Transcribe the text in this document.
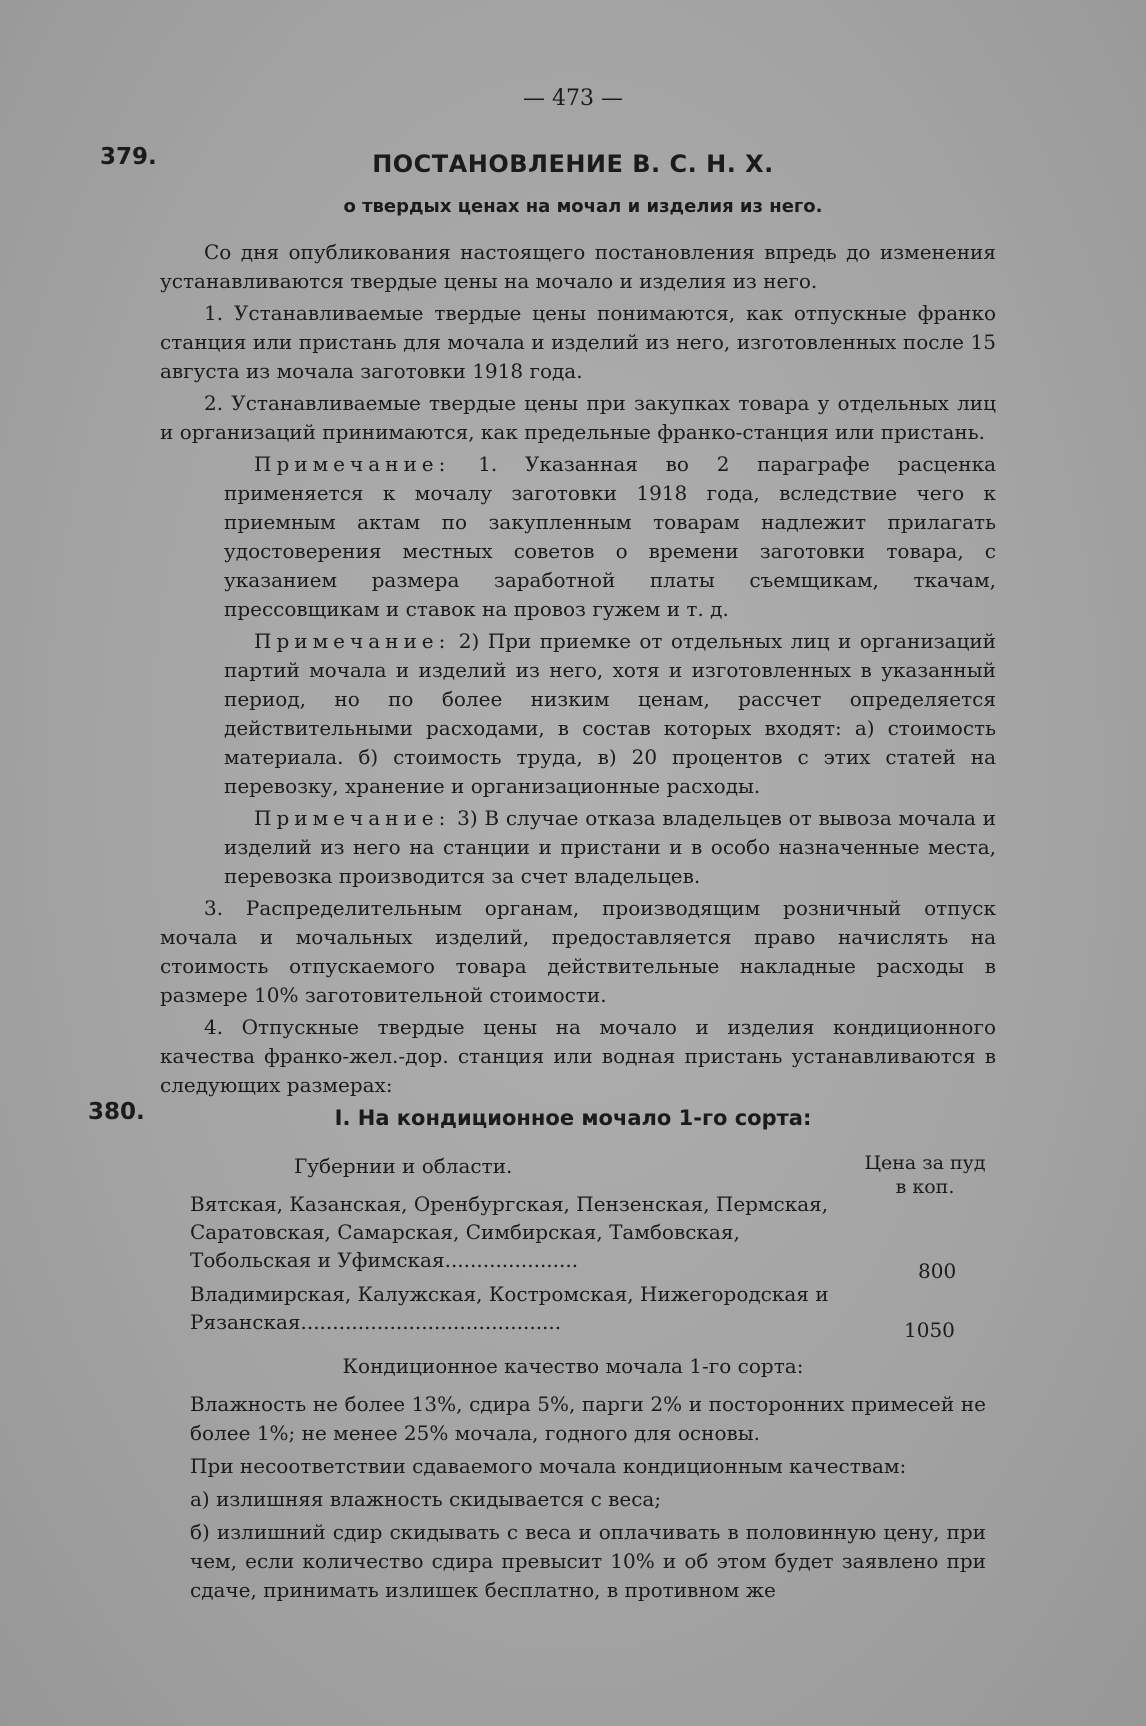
— 473 —
379.	ПОСТАНОВЛЕНИЕ В. С. Н. Х.
о твердых ценах на мочал и изделия из него.

Со дня опубликования настоящего постановления впредь до изменения устанавливаются твердые цены на мочало и изделия из него.

1. Устанавливаемые твердые цены понимаются, как отпускные франко станция или пристань для мочала и изделий из него, изготовленных после 15 августа из мочала заготовки 1918 года.

2. Устанавливаемые твердые цены при закупках товара у отдельных лиц и организаций принимаются, как предельные франко-станция или пристань.

Примечание: 1. Указанная во 2 параграфе расценка применяется к мочалу заготовки 1918 года, вследствие чего к приемным актам по закупленным товарам надлежит прилагать удостоверения местных советов о времени заготовки товара, с указанием размера заработной платы съемщикам, ткачам, прессовщикам и ставок на провоз гужем и т. д.

Примечание: 2) При приемке от отдельных лиц и организаций партий мочала и изделий из него, хотя и изготовленных в указанный период, но по более низким ценам, рассчет определяется действительными расходами, в состав которых входят: а) стоимость материала. б) стоимость труда, в) 20 процентов с этих статей на перевозку, хранение и организационные расходы.

Примечание: 3) В случае отказа владельцев от вывоза мочала и изделий из него на станции и пристани и в особо назначенные места, перевозка производится за счет владельцев.

3. Распределительным органам, производящим розничный отпуск мочала и мочальных изделий, предоставляется право начислять на стоимость отпускаемого товара действительные накладные расходы в размере 10% заготовительной стоимости.

4. Отпускные твердые цены на мочало и изделия кондиционного качества франко-жел.-дор. станция или водная пристань устанавливаются в следующих размерах:

380.	I. На кондиционное мочало 1-го сорта:
Губернии и области.	Цена за пуд
в коп.
Вятская, Казанская, Оренбургская, Пензенская, Пермская, Саратовская, Самарская, Симбирская, Тамбовская, Тобольская и Уфимская.....................	800
Владимирская, Калужская, Костромская, Нижегородская и Рязанская.........................................	1050
Кондиционное качество мочала 1-го сорта:

Влажность не более 13%, сдира 5%, парги 2% и посторонних примесей не более 1%; не менее 25% мочала, годного для основы.

При несоответствии сдаваемого мочала кондиционным качествам:

а) излишняя влажность скидывается с веса;

б) излишний сдир скидывать с веса и оплачивать в половинную цену, при чем, если количество сдира превысит 10% и об этом будет заявлено при сдаче, принимать излишек бесплатно, в противном же
